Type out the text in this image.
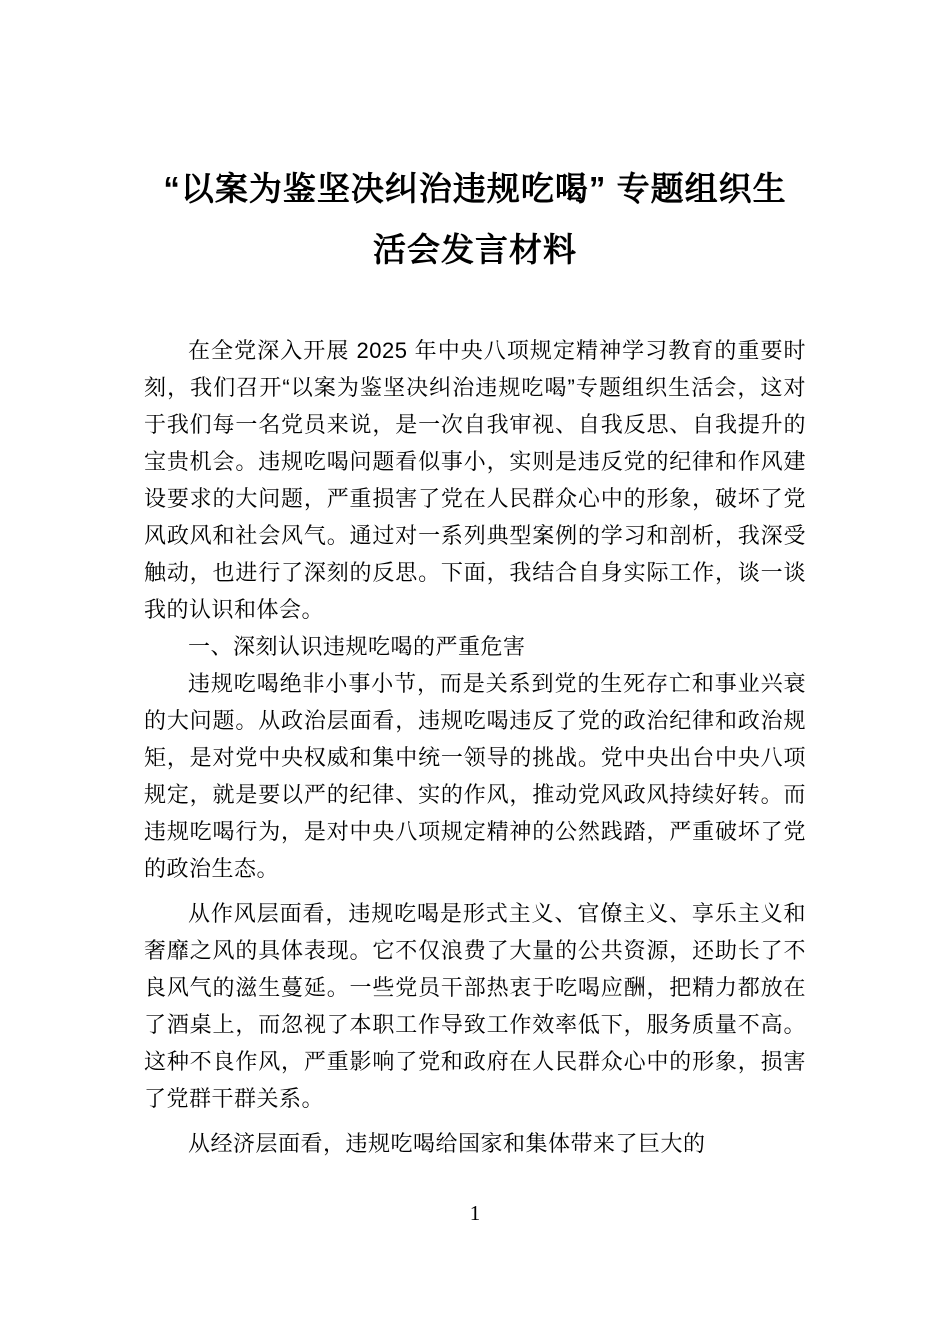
“以案为鉴坚决纠治违规吃喝” 专题组织生
活会发言材料

在全党深入开展 2025 年中央八项规定精神学习教育的重要时刻，我们召开“以案为鉴坚决纠治违规吃喝”专题组织生活会，这对于我们每一名党员来说，是一次自我审视、自我反思、自我提升的宝贵机会。违规吃喝问题看似事小，实则是违反党的纪律和作风建设要求的大问题，严重损害了党在人民群众心中的形象，破坏了党风政风和社会风气。通过对一系列典型案例的学习和剖析，我深受触动，也进行了深刻的反思。下面，我结合自身实际工作，谈一谈我的认识和体会。

一、深刻认识违规吃喝的严重危害

违规吃喝绝非小事小节，而是关系到党的生死存亡和事业兴衰的大问题。从政治层面看，违规吃喝违反了党的政治纪律和政治规矩，是对党中央权威和集中统一领导的挑战。党中央出台中央八项规定，就是要以严的纪律、实的作风，推动党风政风持续好转。而违规吃喝行为，是对中央八项规定精神的公然践踏，严重破坏了党的政治生态。

从作风层面看，违规吃喝是形式主义、官僚主义、享乐主义和奢靡之风的具体表现。它不仅浪费了大量的公共资源，还助长了不良风气的滋生蔓延。一些党员干部热衷于吃喝应酬，把精力都放在了酒桌上，而忽视了本职工作导致工作效率低下，服务质量不高。这种不良作风，严重影响了党和政府在人民群众心中的形象，损害了党群干群关系。

从经济层面看，违规吃喝给国家和集体带来了巨大的

1
